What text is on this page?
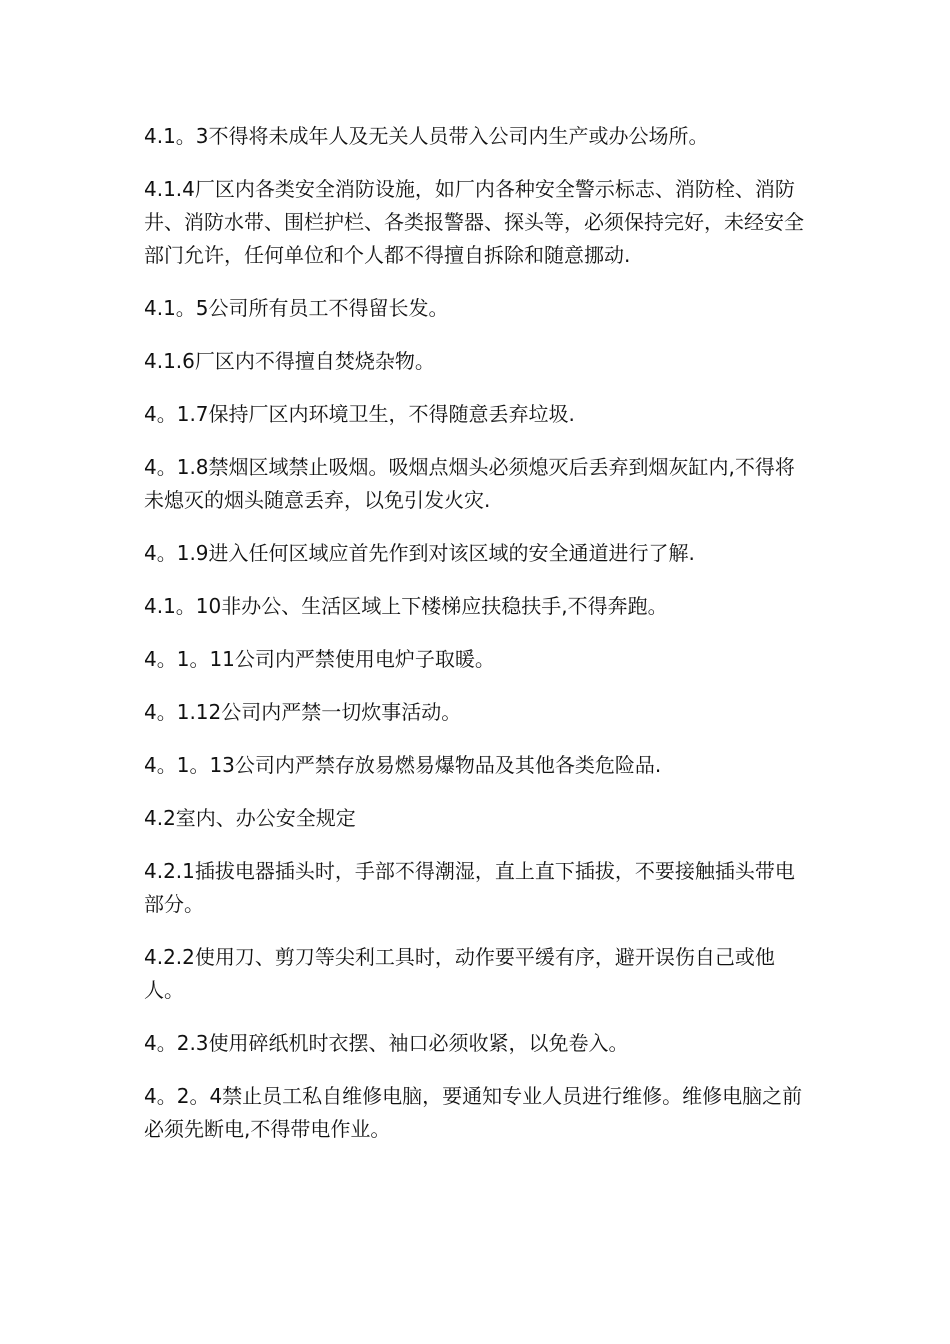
4.1。3不得将未成年人及无关人员带入公司内生产或办公场所。

4.1.4厂区内各类安全消防设施，如厂内各种安全警示标志、消防栓、消防井、消防水带、围栏护栏、各类报警器、探头等，必须保持完好，未经安全部门允许，任何单位和个人都不得擅自拆除和随意挪动.

4.1。5公司所有员工不得留长发。

4.1.6厂区内不得擅自焚烧杂物。

4。1.7保持厂区内环境卫生，不得随意丢弃垃圾.

4。1.8禁烟区域禁止吸烟。吸烟点烟头必须熄灭后丢弃到烟灰缸内,不得将未熄灭的烟头随意丢弃，以免引发火灾.

4。1.9进入任何区域应首先作到对该区域的安全通道进行了解.

4.1。10非办公、生活区域上下楼梯应扶稳扶手,不得奔跑。

4。1。11公司内严禁使用电炉子取暖。

4。1.12公司内严禁一切炊事活动。

4。1。13公司内严禁存放易燃易爆物品及其他各类危险品.

4.2室内、办公安全规定

4.2.1插拔电器插头时，手部不得潮湿，直上直下插拔，不要接触插头带电部分。

4.2.2使用刀、剪刀等尖利工具时，动作要平缓有序，避开误伤自己或他人。

4。2.3使用碎纸机时衣摆、袖口必须收紧，以免卷入。

4。2。4禁止员工私自维修电脑，要通知专业人员进行维修。维修电脑之前必须先断电,不得带电作业。
